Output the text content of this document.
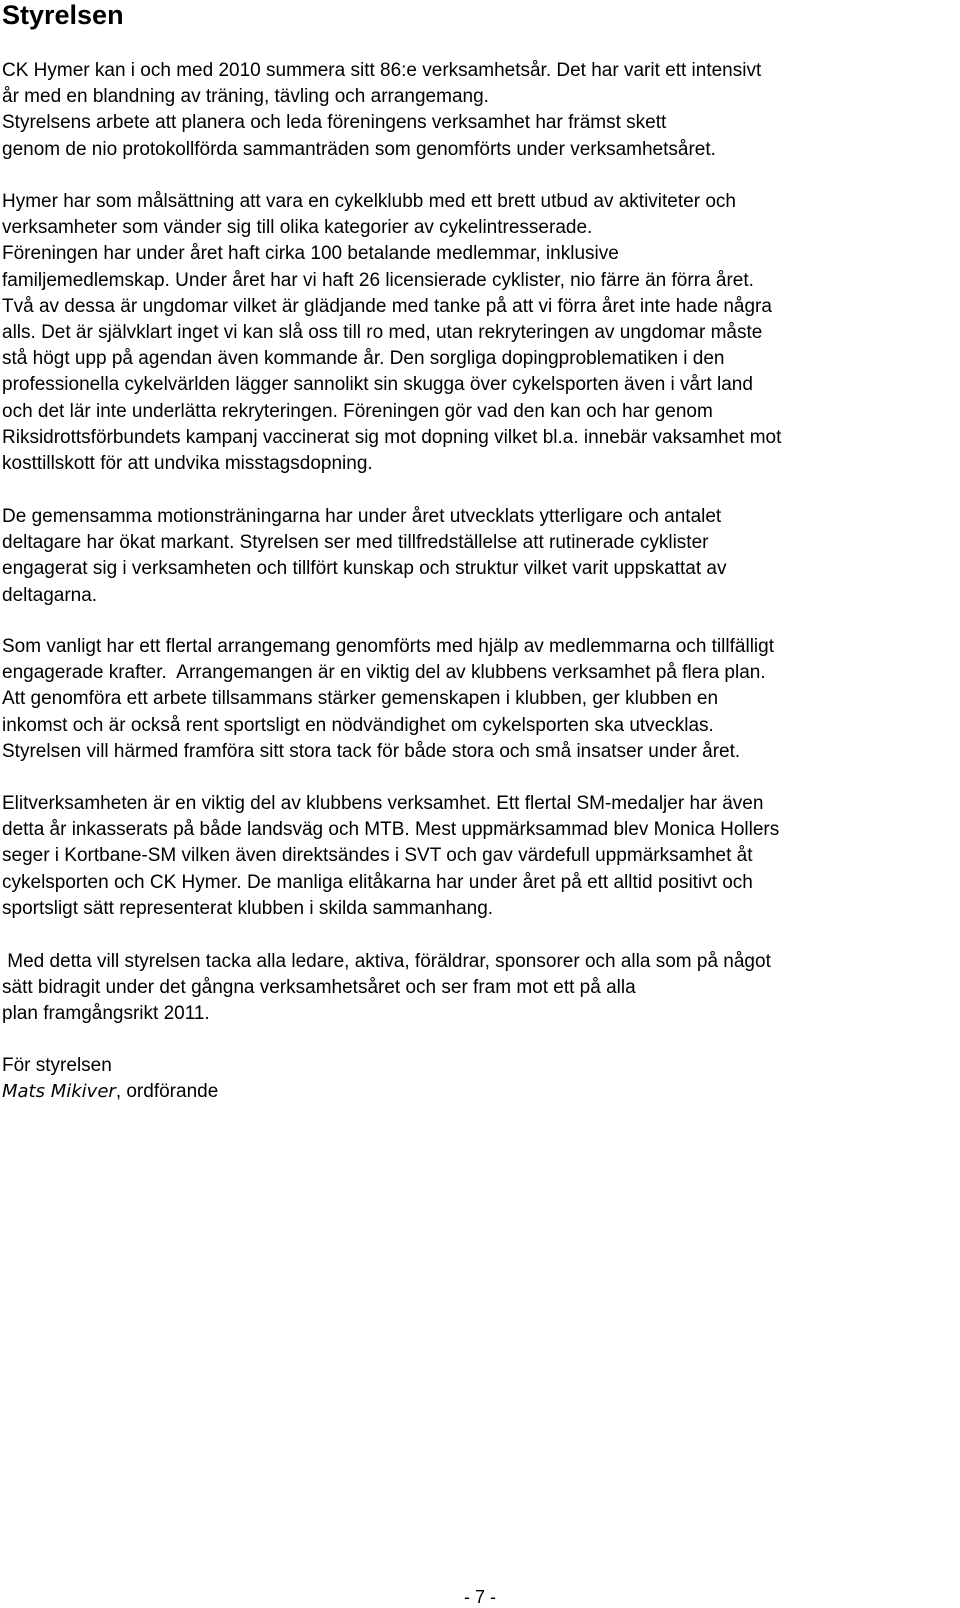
Styrelsen

CK Hymer kan i och med 2010 summera sitt 86:e verksamhetsår. Det har varit ett intensivt

år med en blandning av träning, tävling och arrangemang.

Styrelsens arbete att planera och leda föreningens verksamhet har främst skett

genom de nio protokollförda sammanträden som genomförts under verksamhetsåret.

Hymer har som målsättning att vara en cykelklubb med ett brett utbud av aktiviteter och

verksamheter som vänder sig till olika kategorier av cykelintresserade.

Föreningen har under året haft cirka 100 betalande medlemmar, inklusive

familjemedlemskap. Under året har vi haft 26 licensierade cyklister, nio färre än förra året.

Två av dessa är ungdomar vilket är glädjande med tanke på att vi förra året inte hade några

alls. Det är självklart inget vi kan slå oss till ro med, utan rekryteringen av ungdomar måste

stå högt upp på agendan även kommande år. Den sorgliga dopingproblematiken i den

professionella cykelvärlden lägger sannolikt sin skugga över cykelsporten även i vårt land

och det lär inte underlätta rekryteringen. Föreningen gör vad den kan och har genom

Riksidrottsförbundets kampanj vaccinerat sig mot dopning vilket bl.a. innebär vaksamhet mot

kosttillskott för att undvika misstagsdopning.

De gemensamma motionsträningarna har under året utvecklats ytterligare och antalet

deltagare har ökat markant. Styrelsen ser med tillfredställelse att rutinerade cyklister

engagerat sig i verksamheten och tillfört kunskap och struktur vilket varit uppskattat av

deltagarna.

Som vanligt har ett flertal arrangemang genomförts med hjälp av medlemmarna och tillfälligt

engagerade krafter.  Arrangemangen är en viktig del av klubbens verksamhet på flera plan.

Att genomföra ett arbete tillsammans stärker gemenskapen i klubben, ger klubben en

inkomst och är också rent sportsligt en nödvändighet om cykelsporten ska utvecklas.

Styrelsen vill härmed framföra sitt stora tack för både stora och små insatser under året.

Elitverksamheten är en viktig del av klubbens verksamhet. Ett flertal SM-medaljer har även

detta år inkasserats på både landsväg och MTB. Mest uppmärksammad blev Monica Hollers

seger i Kortbane-SM vilken även direktsändes i SVT och gav värdefull uppmärksamhet åt

cykelsporten och CK Hymer. De manliga elitåkarna har under året på ett alltid positivt och

sportsligt sätt representerat klubben i skilda sammanhang.

Med detta vill styrelsen tacka alla ledare, aktiva, föräldrar, sponsorer och alla som på något

sätt bidragit under det gångna verksamhetsåret och ser fram mot ett på alla

plan framgångsrikt 2011.

För styrelsen

Mats Mikiver, ordförande

- 7 -
